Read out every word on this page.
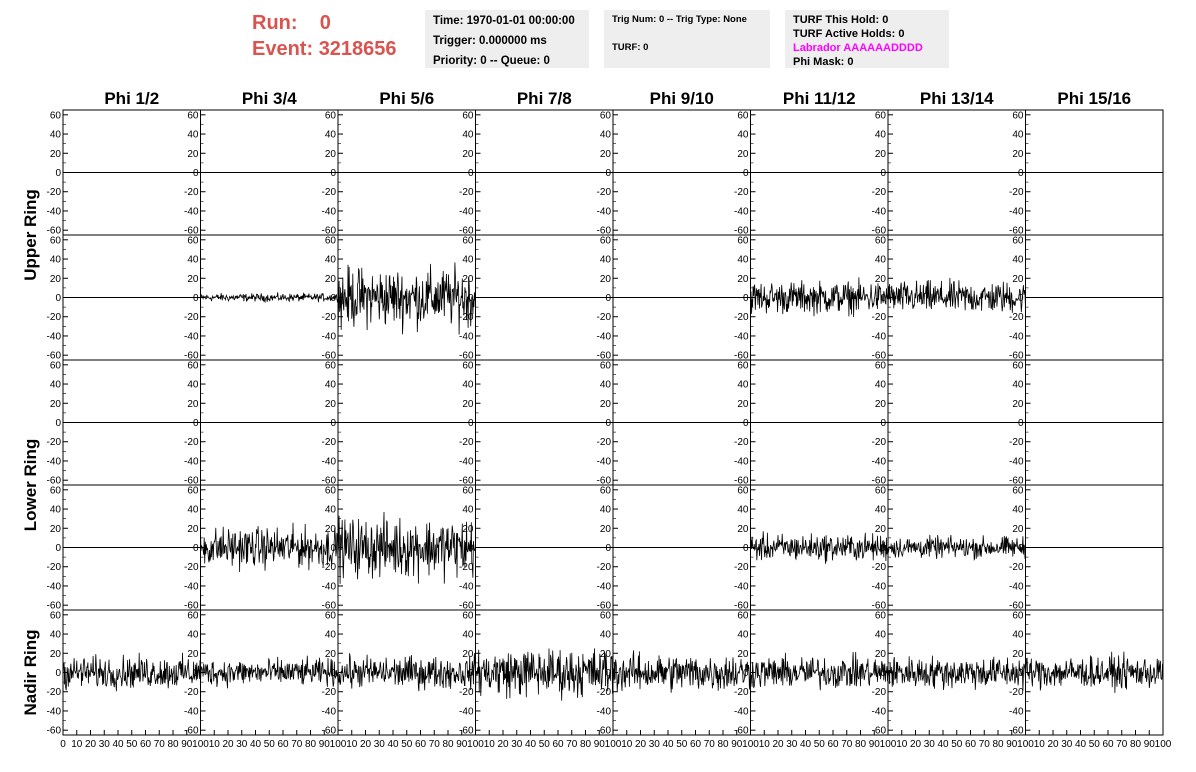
Run: 0
Event: 3218656
Time: 1970-01-01 00:00:00
Trigger: 0.000000 ms
Priority: 0 -- Queue: 0
Trig Num: 0 -- Trig Type: None
TURF: 0
TURF This Hold: 0
TURF Active Holds: 0
Labrador AAAAAADDDD
Phi Mask: 0
Phi 1/2	Phi 3/4	Phi 5/6	Phi 7/8	Phi 9/10	Phi 11/12	Phi 13/14	Phi 15/16
Upper Ring
Lower Ring
Nadir Ring
-60
-40
-20
0
20
40
60
-60
-40
-20
0
20
40
60
-60
-40
-20
0
20
40
60
-60
-40
-20
0
20
40
60
-60
-40
-20
0
20
40
60
-60
-40
-20
0
20
40
60
-60
-40
-20
0
20
40
60
-60
-40
-20
0
20
40
60
-60
-40
-20
0
20
40
60
-60
-40
-20
0
20
40
60
-60
-40
-20
0
20
40
60
-60
-40
-20
0
20
40
60
-60
-40
-20
0
20
40
60
-60
-40
-20
0
20
40
60
-60
-40
-20
0
20
40
60
-60
-40
-20
0
20
40
60
-60
-40
-20
0
20
40
60
-60
-40
-20
0
20
40
60
-60
-40
-20
0
20
40
60
-60
-40
-20
0
20
40
60
-60
-40
-20
0
20
40
60
-60
-40
-20
0
20
40
60
-60
-40
-20
0
20
40
60
-60
-40
-20
0
20
40
60
-60
-40
-20
0
20
40
60
-60
-40
-20
0
20
40
60
-60
-40
-20
0
20
40
60
-60
-40
-20
0
20
40
60
-60
-40
-20
0
20
40
60
-60
-40
-20
0
20
40
60
-60
-40
-20
0
20
40
60
-60
-40
-20
0
20
40
60
-60
-40
-20
0
20
40
60
0 10 20 30 40 50 60 70 80 90 100
-60
-40
-20
0
20
40
60
10 20 30 40 50 60 70 80 90 100
-60
-40
-20
0
20
40
60
10 20 30 40 50 60 70 80 90 100
-60
-40
-20
0
20
40
60
10 20 30 40 50 60 70 80 90 100
-60
-40
-20
0
20
40
60
10 20 30 40 50 60 70 80 90 100
-60
-40
-20
0
20
40
60
10 20 30 40 50 60 70 80 90 100
-60
-40
-20
0
20
40
60
10 20 30 40 50 60 70 80 90 100
-60
-40
-20
0
20
40
60
10 20 30 40 50 60 70 80 90 100
